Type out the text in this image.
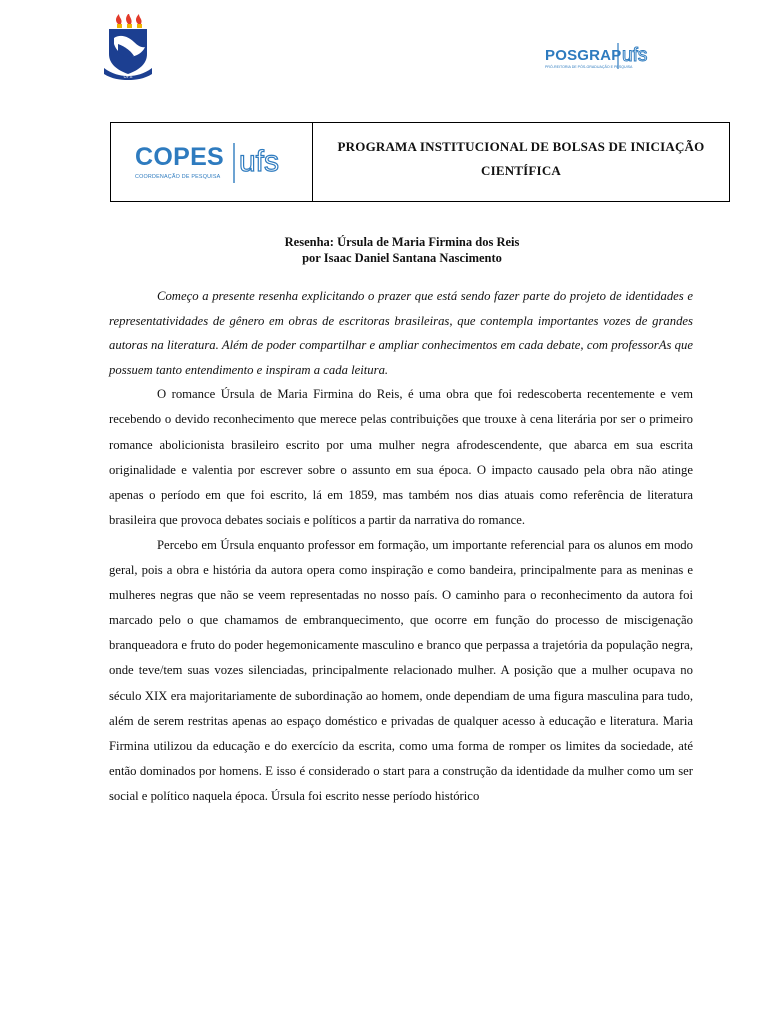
UFS
POSGRAP
PRÓ-REITORIA DE PÓS-GRADUAÇÃO E PESQUISA
ufs
COPES
COORDENAÇÃO DE PESQUISA ufs	PROGRAMA INSTITUCIONAL DE BOLSAS DE INICIAÇÃO CIENTÍFICA
Resenha: Úrsula de Maria Firmina dos Reis
por Isaac Daniel Santana Nascimento

Começo a presente resenha explicitando o prazer que está sendo fazer parte do projeto de identidades e representatividades de gênero em obras de escritoras brasileiras, que contempla importantes vozes de grandes autoras na literatura. Além de poder compartilhar e ampliar conhecimentos em cada debate, com professorAs que possuem tanto entendimento e inspiram a cada leitura.

O romance Úrsula de Maria Firmina do Reis, é uma obra que foi redescoberta recentemente e vem recebendo o devido reconhecimento que merece pelas contribuições que trouxe à cena literária por ser o primeiro romance abolicionista brasileiro escrito por uma mulher negra afrodescendente, que abarca em sua escrita originalidade e valentia por escrever sobre o assunto em sua época. O impacto causado pela obra não atinge apenas o período em que foi escrito, lá em 1859, mas também nos dias atuais como referência de literatura brasileira que provoca debates sociais e políticos a partir da narrativa do romance.

Percebo em Úrsula enquanto professor em formação, um importante referencial para os alunos em modo geral, pois a obra e história da autora opera como inspiração e como bandeira, principalmente para as meninas e mulheres negras que não se veem representadas no nosso país. O caminho para o reconhecimento da autora foi marcado pelo o que chamamos de embranquecimento, que ocorre em função do processo de miscigenação branqueadora e fruto do poder hegemonicamente masculino e branco que perpassa a trajetória da população negra, onde teve/tem suas vozes silenciadas, principalmente relacionado mulher. A posição que a mulher ocupava no século XIX era majoritariamente de subordinação ao homem, onde dependiam de uma figura masculina para tudo, além de serem restritas apenas ao espaço doméstico e privadas de qualquer acesso à educação e literatura. Maria Firmina utilizou da educação e do exercício da escrita, como uma forma de romper os limites da sociedade, até então dominados por homens. E isso é considerado o start para a construção da identidade da mulher como um ser social e político naquela época. Úrsula foi escrito nesse período histórico
